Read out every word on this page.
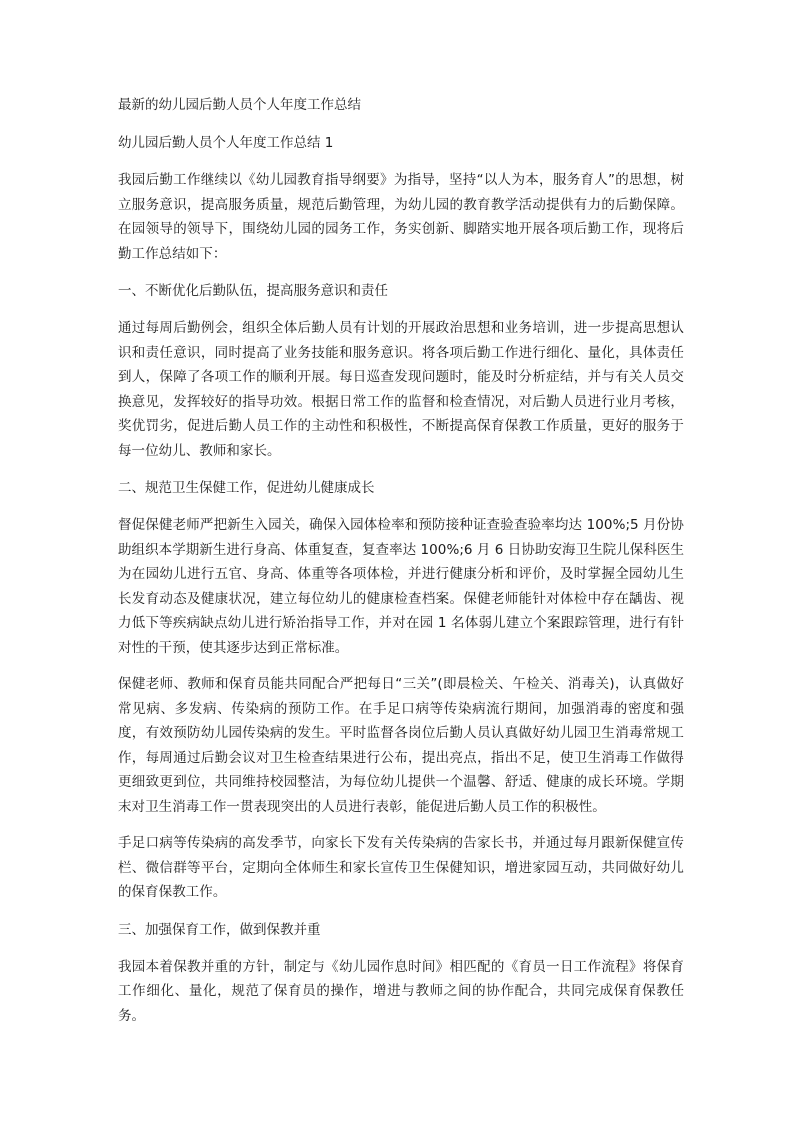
最新的幼儿园后勤人员个人年度工作总结
幼儿园后勤人员个人年度工作总结 1

我园后勤工作继续以《幼儿园教育指导纲要》为指导，坚持“以人为本，服务育人”的思想，树立服务意识，提高服务质量，规范后勤管理，为幼儿园的教育教学活动提供有力的后勤保障。在园领导的领导下，围绕幼儿园的园务工作，务实创新、脚踏实地开展各项后勤工作，现将后勤工作总结如下：

一、不断优化后勤队伍，提高服务意识和责任

通过每周后勤例会，组织全体后勤人员有计划的开展政治思想和业务培训，进一步提高思想认识和责任意识，同时提高了业务技能和服务意识。将各项后勤工作进行细化、量化，具体责任到人，保障了各项工作的顺利开展。每日巡查发现问题时，能及时分析症结，并与有关人员交换意见，发挥较好的指导功效。根据日常工作的监督和检查情况，对后勤人员进行业月考核，奖优罚劣，促进后勤人员工作的主动性和积极性，不断提高保育保教工作质量，更好的服务于每一位幼儿、教师和家长。

二、规范卫生保健工作，促进幼儿健康成长

督促保健老师严把新生入园关，确保入园体检率和预防接种证查验查验率均达 100%;5 月份协助组织本学期新生进行身高、体重复查，复查率达 100%;6 月 6 日协助安海卫生院儿保科医生为在园幼儿进行五官、身高、体重等各项体检，并进行健康分析和评价，及时掌握全园幼儿生长发育动态及健康状况，建立每位幼儿的健康检查档案。保健老师能针对体检中存在龋齿、视力低下等疾病缺点幼儿进行矫治指导工作，并对在园 1 名体弱儿建立个案跟踪管理，进行有针对性的干预，使其逐步达到正常标准。

保健老师、教师和保育员能共同配合严把每日“三关”(即晨检关、午检关、消毒关)，认真做好常见病、多发病、传染病的预防工作。在手足口病等传染病流行期间，加强消毒的密度和强度，有效预防幼儿园传染病的发生。平时监督各岗位后勤人员认真做好幼儿园卫生消毒常规工作，每周通过后勤会议对卫生检查结果进行公布，提出亮点，指出不足，使卫生消毒工作做得更细致更到位，共同维持校园整洁，为每位幼儿提供一个温馨、舒适、健康的成长环境。学期末对卫生消毒工作一贯表现突出的人员进行表彰，能促进后勤人员工作的积极性。

手足口病等传染病的高发季节，向家长下发有关传染病的告家长书，并通过每月跟新保健宣传栏、微信群等平台，定期向全体师生和家长宣传卫生保健知识，增进家园互动，共同做好幼儿的保育保教工作。

三、加强保育工作，做到保教并重

我园本着保教并重的方针，制定与《幼儿园作息时间》相匹配的《育员一日工作流程》将保育工作细化、量化，规范了保育员的操作，增进与教师之间的协作配合，共同完成保育保教任务。
